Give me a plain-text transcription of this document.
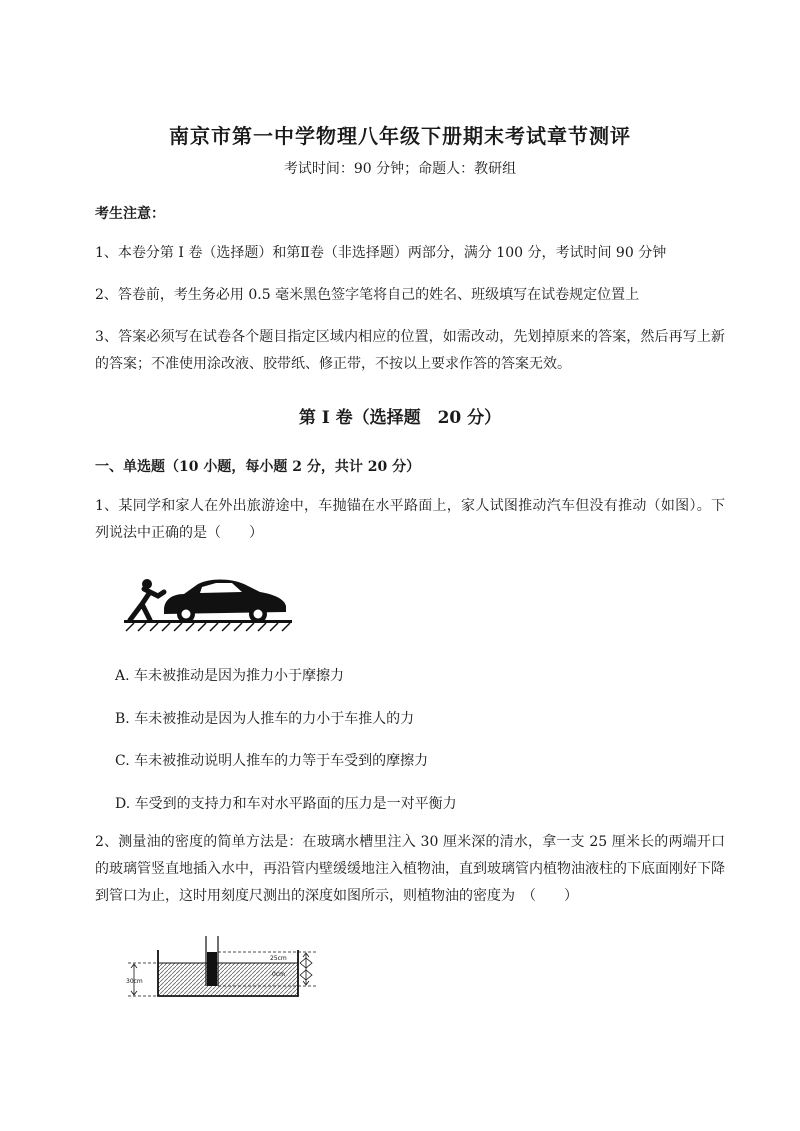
南京市第一中学物理八年级下册期末考试章节测评
考试时间：90 分钟；命题人：教研组
考生注意：
1、本卷分第 I 卷（选择题）和第Ⅱ卷（非选择题）两部分，满分 100 分，考试时间 90 分钟
2、答卷前，考生务必用 0.5 毫米黑色签字笔将自己的姓名、班级填写在试卷规定位置上
3、答案必须写在试卷各个题目指定区域内相应的位置，如需改动，先划掉原来的答案，然后再写上新的答案；不准使用涂改液、胶带纸、修正带，不按以上要求作答的答案无效。
第 I 卷（选择题　20 分）
一、单选题（10 小题，每小题 2 分，共计 20 分）
1、某同学和家人在外出旅游途中，车抛锚在水平路面上，家人试图推动汽车但没有推动（如图）。下列说法中正确的是（　　）
A. 车未被推动是因为推力小于摩擦力
B. 车未被推动是因为人推车的力小于车推人的力
C. 车未被推动说明人推车的力等于车受到的摩擦力
D. 车受到的支持力和车对水平路面的压力是一对平衡力
2、测量油的密度的简单方法是：在玻璃水槽里注入 30 厘米深的清水，拿一支 25 厘米长的两端开口的玻璃管竖直地插入水中，再沿管内壁缓缓地注入植物油，直到玻璃管内植物油液柱的下底面刚好下降到管口为止，这时用刻度尺测出的深度如图所示，则植物油的密度为　（　　）
30cm
25cm
0cm
